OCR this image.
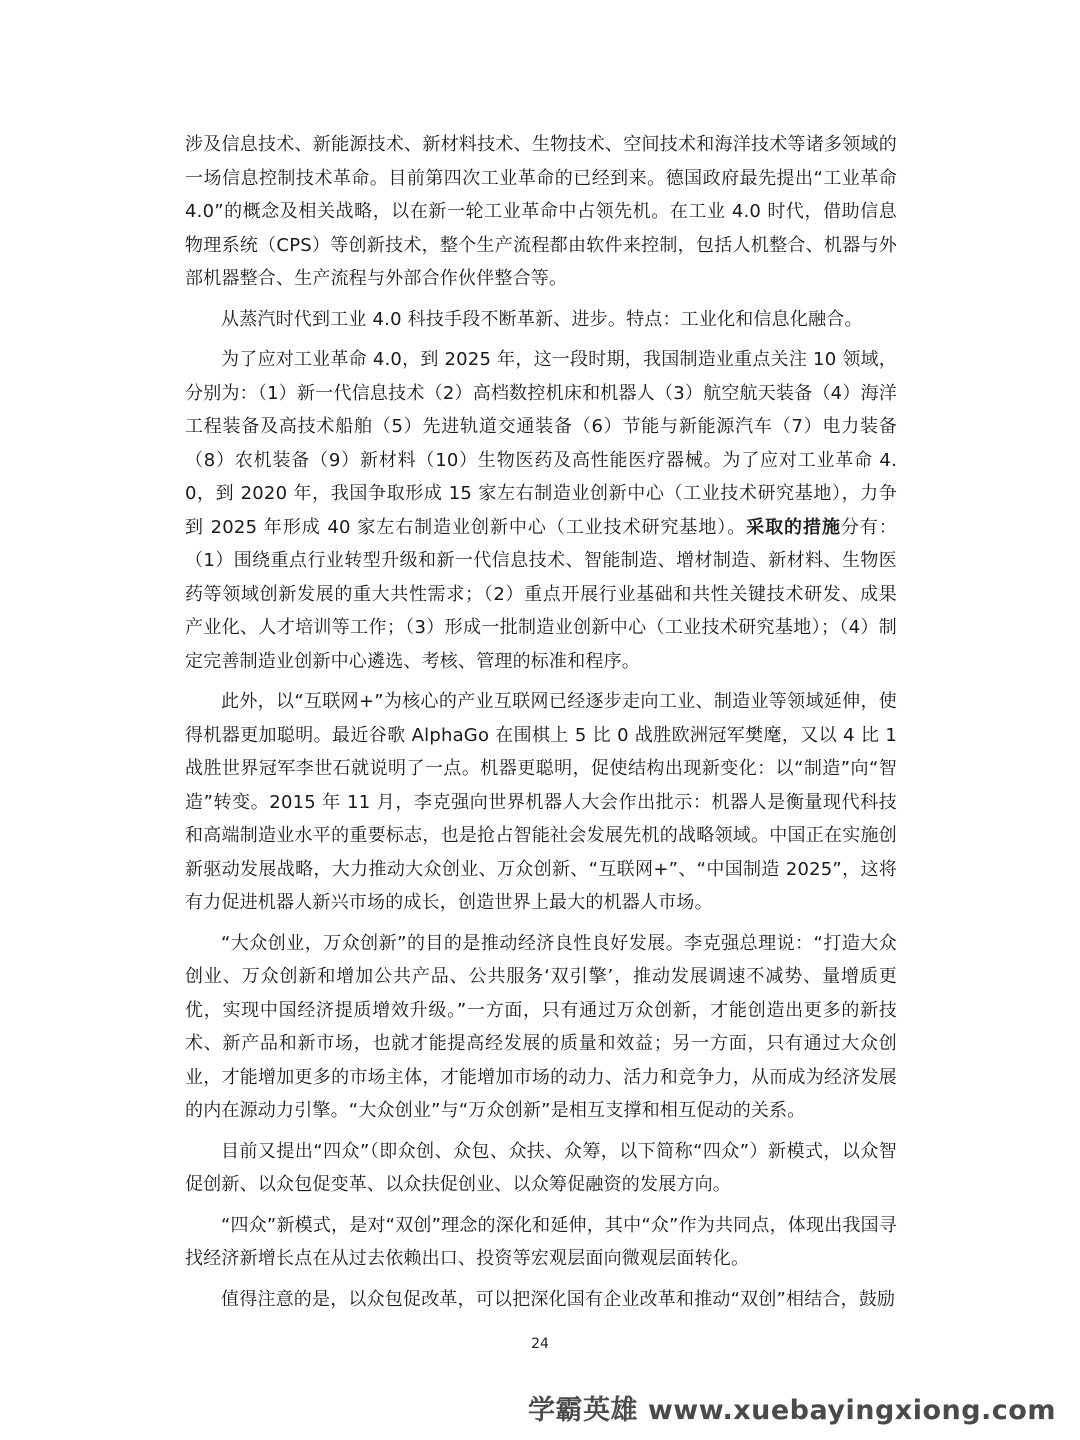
涉及信息技术、新能源技术、新材料技术、生物技术、空间技术和海洋技术等诸多领域的一场信息控制技术革命。目前第四次工业革命的已经到来。德国政府最先提出“工业革命 4.0”的概念及相关战略，以在新一轮工业革命中占领先机。在工业 4.0 时代，借助信息物理系统（CPS）等创新技术，整个生产流程都由软件来控制，包括人机整合、机器与外部机器整合、生产流程与外部合作伙伴整合等。

从蒸汽时代到工业 4.0 科技手段不断革新、进步。特点：工业化和信息化融合。

为了应对工业革命 4.0，到 2025 年，这一段时期，我国制造业重点关注 10 领域，分别为：（1）新一代信息技术（2）高档数控机床和机器人（3）航空航天装备（4）海洋工程装备及高技术船舶（5）先进轨道交通装备（6）节能与新能源汽车（7）电力装备（8）农机装备（9）新材料（10）生物医药及高性能医疗器械。为了应对工业革命 4.0，到 2020 年，我国争取形成 15 家左右制造业创新中心（工业技术研究基地），力争到 2025 年形成 40 家左右制造业创新中心（工业技术研究基地）。采取的措施分有：（1）围绕重点行业转型升级和新一代信息技术、智能制造、增材制造、新材料、生物医药等领域创新发展的重大共性需求；（2）重点开展行业基础和共性关键技术研发、成果产业化、人才培训等工作；（3）形成一批制造业创新中心（工业技术研究基地）；（4）制定完善制造业创新中心遴选、考核、管理的标准和程序。

此外，以“互联网+”为核心的产业互联网已经逐步走向工业、制造业等领域延伸，使得机器更加聪明。最近谷歌 AlphaGo 在围棋上 5 比 0 战胜欧洲冠军樊麾，又以 4 比 1 战胜世界冠军李世石就说明了一点。机器更聪明，促使结构出现新变化：以“制造”向“智造”转变。2015 年 11 月，李克强向世界机器人大会作出批示：机器人是衡量现代科技和高端制造业水平的重要标志，也是抢占智能社会发展先机的战略领域。中国正在实施创新驱动发展战略，大力推动大众创业、万众创新、“互联网+”、“中国制造 2025”，这将有力促进机器人新兴市场的成长，创造世界上最大的机器人市场。

“大众创业，万众创新”的目的是推动经济良性良好发展。李克强总理说：“打造大众创业、万众创新和增加公共产品、公共服务‘双引擎’，推动发展调速不减势、量增质更优，实现中国经济提质增效升级。”一方面，只有通过万众创新，才能创造出更多的新技术、新产品和新市场，也就才能提高经发展的质量和效益；另一方面，只有通过大众创业，才能增加更多的市场主体，才能增加市场的动力、活力和竞争力，从而成为经济发展的内在源动力引擎。“大众创业”与“万众创新”是相互支撑和相互促动的关系。

目前又提出“四众”（即众创、众包、众扶、众筹，以下简称“四众”）新模式，以众智促创新、以众包促变革、以众扶促创业、以众筹促融资的发展方向。

“四众”新模式，是对“双创”理念的深化和延伸，其中“众”作为共同点，体现出我国寻找经济新增长点在从过去依赖出口、投资等宏观层面向微观层面转化。

值得注意的是，以众包促改革，可以把深化国有企业改革和推动“双创”相结合，鼓励

24
学霸英雄 www.xuebayingxiong.com
